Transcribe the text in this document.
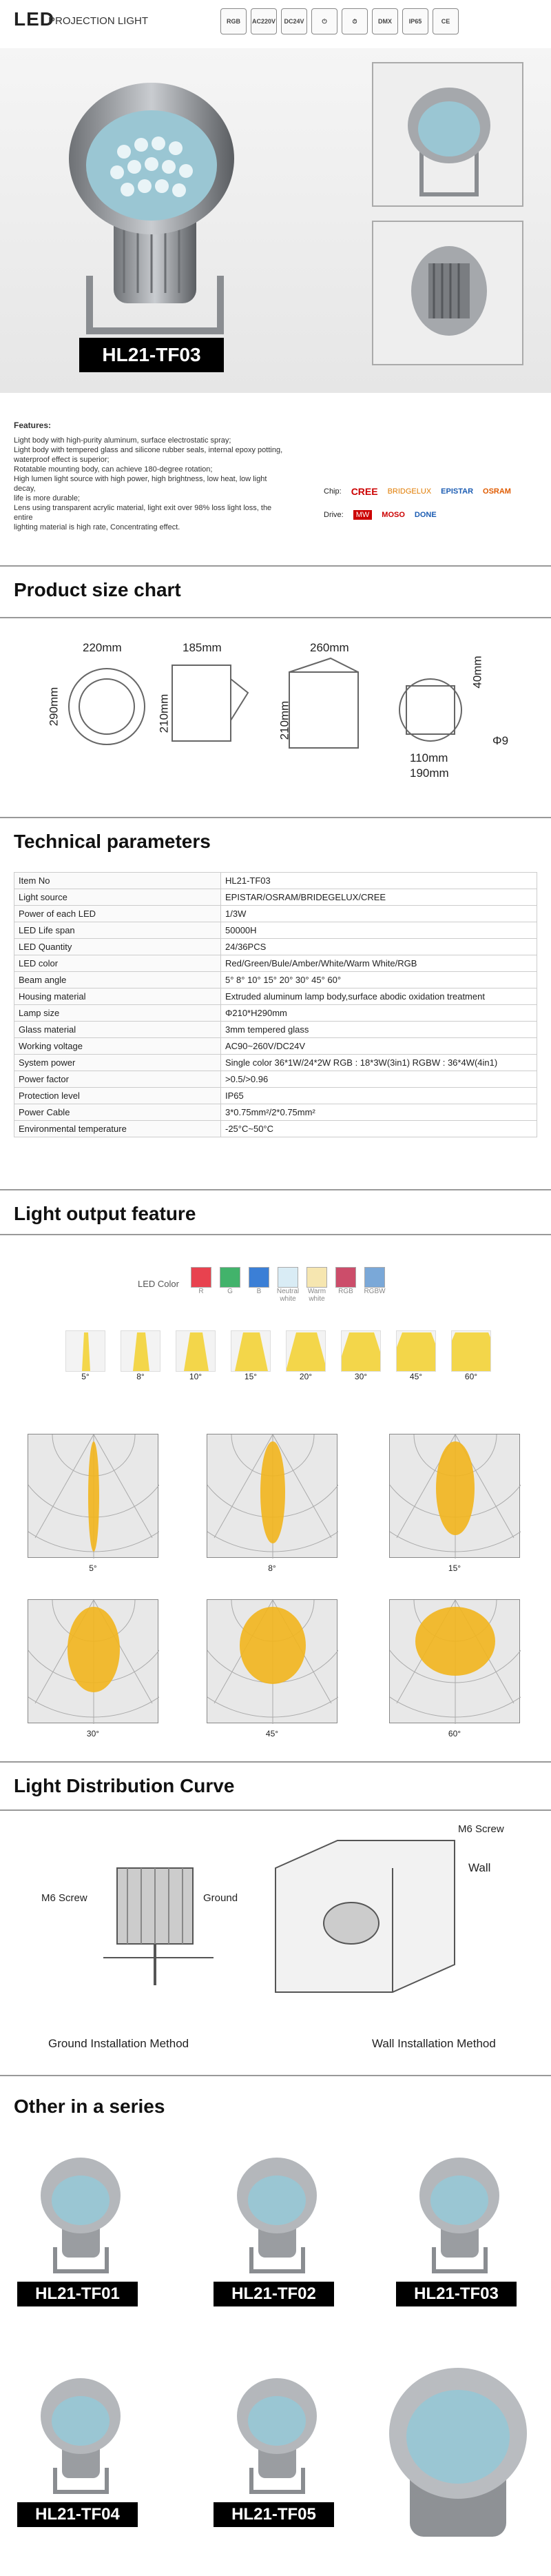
LED
PROJECTION LIGHT	RGB	AC220V	DC24V	⏻	⏱	DMX	IP65	CE
HL21-TF03
Features:
Light body with high-purity aluminum, surface electrostatic spray;
Light body with tempered glass and silicone rubber seals, internal epoxy potting,
waterproof effect is superior;
Rotatable mounting body, can achieve 180-degree rotation;
High lumen light source with high power, high brightness, low heat, low light decay,
life is more durable;
Lens using transparent acrylic material, light exit over 98% loss light loss, the entire
lighting material is high rate, Concentrating effect.
Chip: CREE BRIDGELUX EPISTAR OSRAM
Drive:	MW	MOSO DONE
Product size chart
220mm
290mm
185mm
210mm
260mm
210mm
40mm
110mm
190mm
Φ9
Technical parameters
Item No	HL21-TF03
Light source	EPISTAR/OSRAM/BRIDEGELUX/CREE
Power of each LED	1/3W
LED Life span	50000H
LED Quantity	24/36PCS
LED color	Red/Green/Bule/Amber/White/Warm White/RGB
Beam angle	5° 8° 10° 15° 20° 30° 45° 60°
Housing material	Extruded aluminum lamp body,surface abodic oxidation treatment
Lamp size	Φ210*H290mm
Glass material	3mm tempered glass
Working voltage	AC90~260V/DC24V
System power	Single color 36*1W/24*2W RGB : 18*3W(3in1) RGBW : 36*4W(4in1)
Power factor	>0.5/>0.96
Protection level	IP65
Power Cable	3*0.75mm²/2*0.75mm²
Environmental temperature	-25°C~50°C
Light output feature
LED Color
R	G	B Neutral white
Warm white
RGB RGBW
5°	8°	10°	15°	20°	30°	45°	60°
5°	8°	15°
30°	45°	60°
Light Distribution Curve
M6 Screw	Ground
Ground Installation Method
M6 Screw
Wall
Wall Installation Method
Other in a series
HL21-TF01	HL21-TF02	HL21-TF03
HL21-TF04	HL21-TF05
